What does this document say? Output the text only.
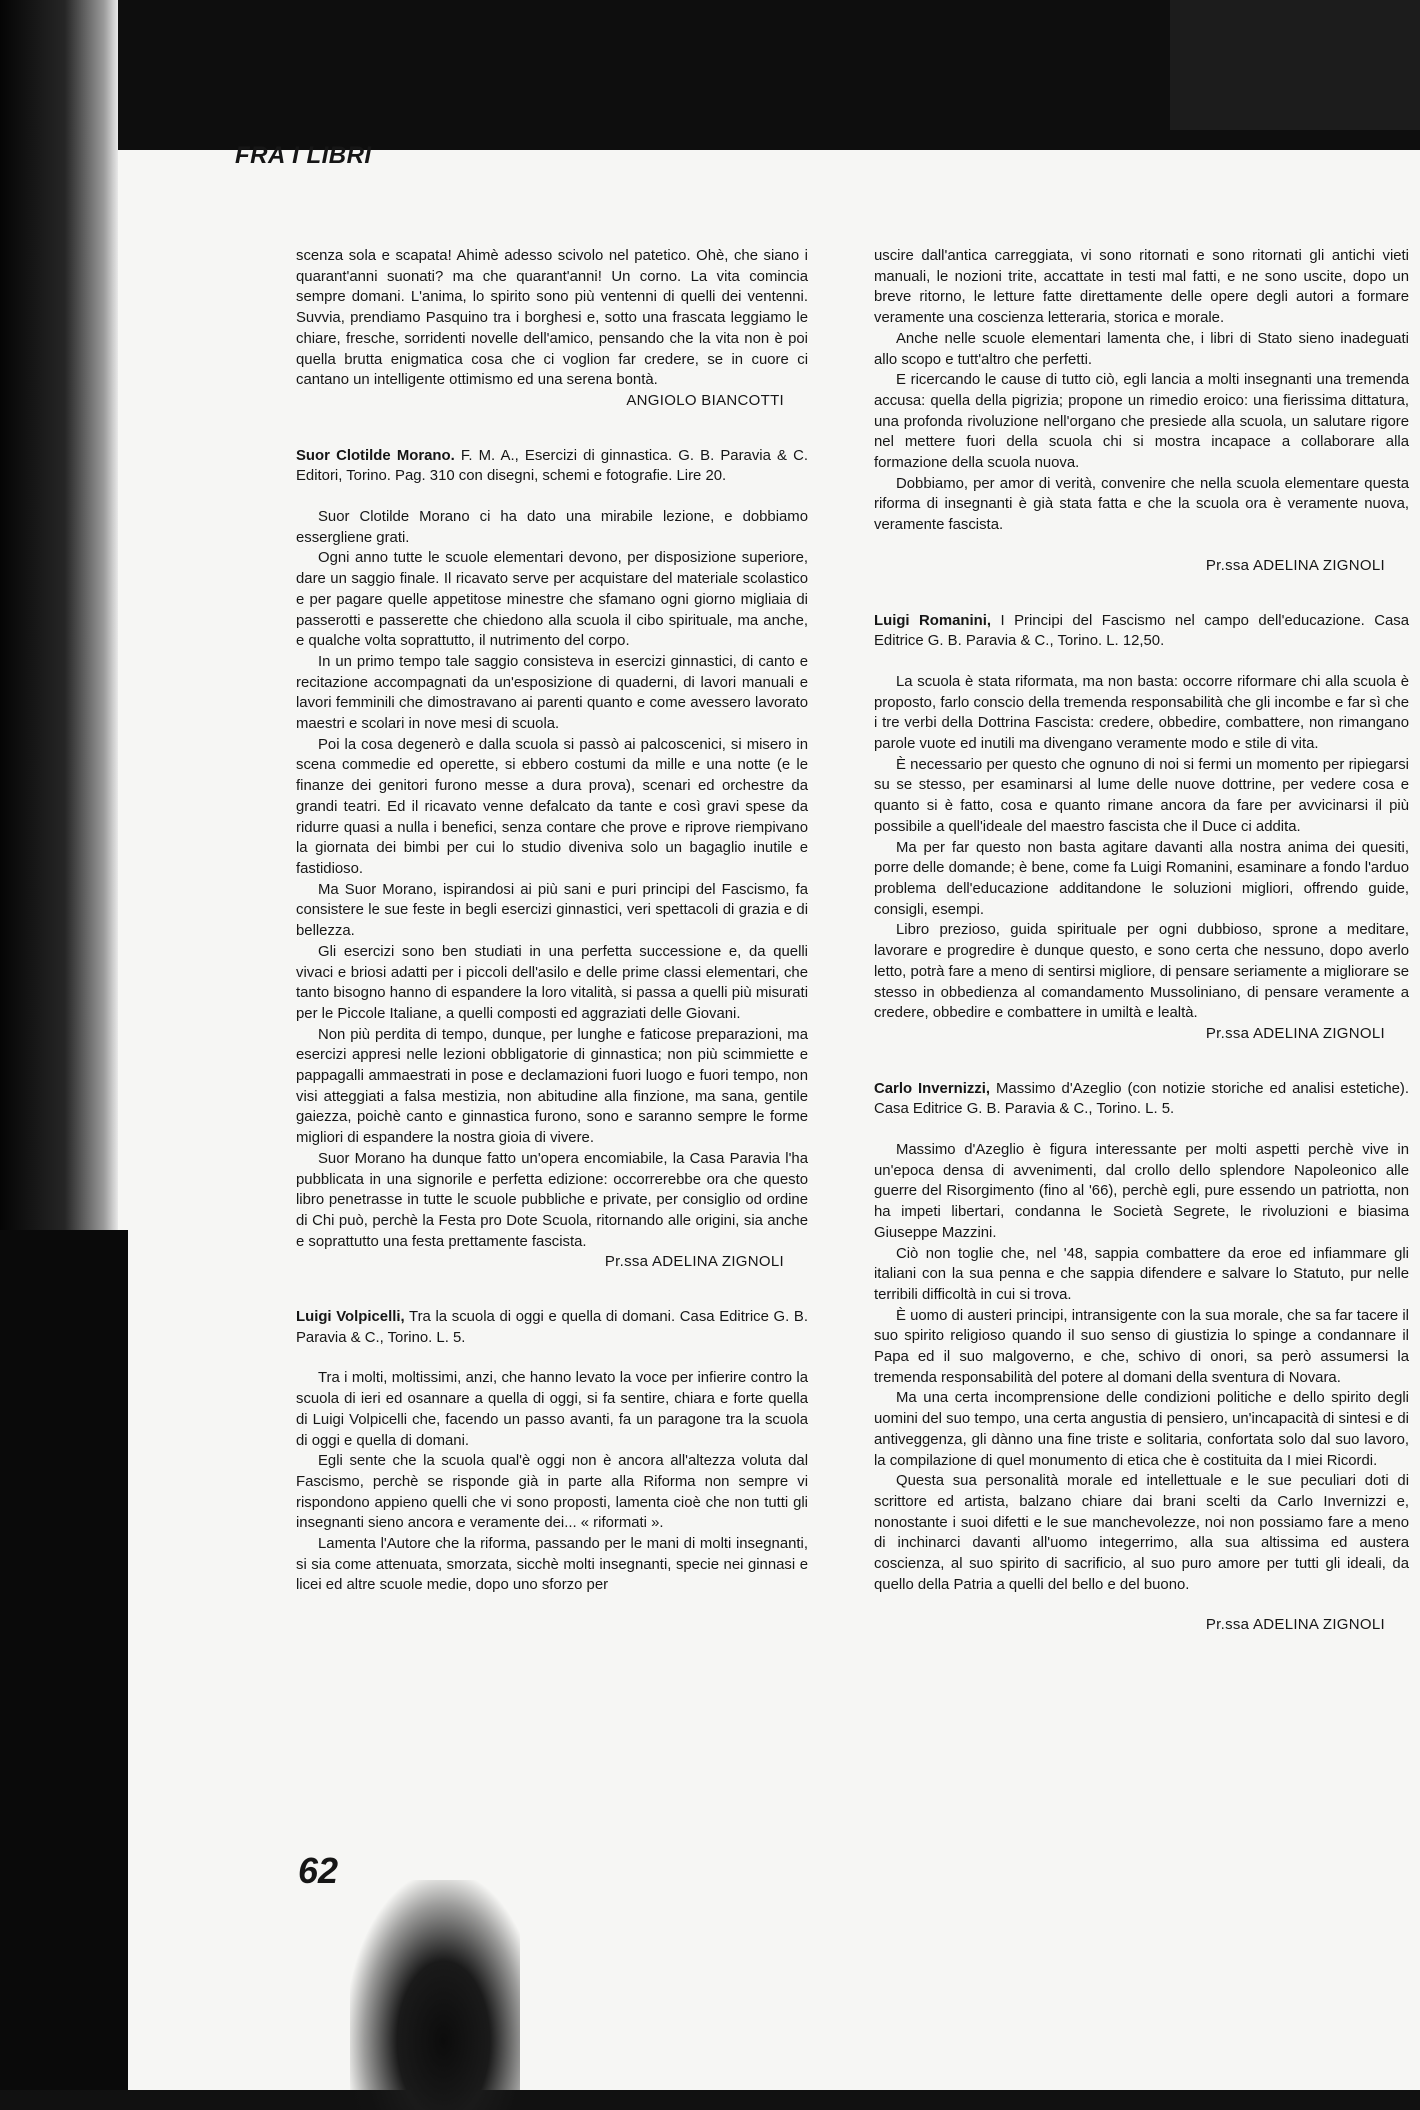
FRA I LIBRI

scenza sola e scapata! Ahimè adesso scivolo nel patetico. Ohè, che siano i quarant'anni suonati? ma che quarant'anni! Un corno. La vita comincia sempre domani. L'anima, lo spirito sono più ventenni di quelli dei ventenni. Suvvia, prendiamo Pasquino tra i borghesi e, sotto una frascata leggiamo le chiare, fresche, sorridenti novelle dell'amico, pensando che la vita non è poi quella brutta enigmatica cosa che ci voglion far credere, se in cuore ci cantano un intelligente ottimismo ed una serena bontà.

ANGIOLO BIANCOTTI

Suor Clotilde Morano. F. M. A., Esercizi di ginnastica. G. B. Paravia & C. Editori, Torino. Pag. 310 con disegni, schemi e fotografie. Lire 20.

Suor Clotilde Morano ci ha dato una mirabile lezione, e dobbiamo essergliene grati.

Ogni anno tutte le scuole elementari devono, per disposizione superiore, dare un saggio finale. Il ricavato serve per acquistare del materiale scolastico e per pagare quelle appetitose minestre che sfamano ogni giorno migliaia di passerotti e passerette che chiedono alla scuola il cibo spirituale, ma anche, e qualche volta soprattutto, il nutrimento del corpo.

In un primo tempo tale saggio consisteva in esercizi ginnastici, di canto e recitazione accompagnati da un'esposizione di quaderni, di lavori manuali e lavori femminili che dimostravano ai parenti quanto e come avessero lavorato maestri e scolari in nove mesi di scuola.

Poi la cosa degenerò e dalla scuola si passò ai palcoscenici, si misero in scena commedie ed operette, si ebbero costumi da mille e una notte (e le finanze dei genitori furono messe a dura prova), scenari ed orchestre da grandi teatri. Ed il ricavato venne defalcato da tante e così gravi spese da ridurre quasi a nulla i benefici, senza contare che prove e riprove riempivano la giornata dei bimbi per cui lo studio diveniva solo un bagaglio inutile e fastidioso.

Ma Suor Morano, ispirandosi ai più sani e puri principi del Fascismo, fa consistere le sue feste in begli esercizi ginnastici, veri spettacoli di grazia e di bellezza.

Gli esercizi sono ben studiati in una perfetta successione e, da quelli vivaci e briosi adatti per i piccoli dell'asilo e delle prime classi elementari, che tanto bisogno hanno di espandere la loro vitalità, si passa a quelli più misurati per le Piccole Italiane, a quelli composti ed aggraziati delle Giovani.

Non più perdita di tempo, dunque, per lunghe e faticose preparazioni, ma esercizi appresi nelle lezioni obbligatorie di ginnastica; non più scimmiette e pappagalli ammaestrati in pose e declamazioni fuori luogo e fuori tempo, non visi atteggiati a falsa mestizia, non abitudine alla finzione, ma sana, gentile gaiezza, poichè canto e ginnastica furono, sono e saranno sempre le forme migliori di espandere la nostra gioia di vivere.

Suor Morano ha dunque fatto un'opera encomiabile, la Casa Paravia l'ha pubblicata in una signorile e perfetta edizione: occorrerebbe ora che questo libro penetrasse in tutte le scuole pubbliche e private, per consiglio od ordine di Chi può, perchè la Festa pro Dote Scuola, ritornando alle origini, sia anche e soprattutto una festa prettamente fascista.

Pr.ssa ADELINA ZIGNOLI

Luigi Volpicelli, Tra la scuola di oggi e quella di domani. Casa Editrice G. B. Paravia & C., Torino. L. 5.

Tra i molti, moltissimi, anzi, che hanno levato la voce per infierire contro la scuola di ieri ed osannare a quella di oggi, si fa sentire, chiara e forte quella di Luigi Volpicelli che, facendo un passo avanti, fa un paragone tra la scuola di oggi e quella di domani.

Egli sente che la scuola qual'è oggi non è ancora all'altezza voluta dal Fascismo, perchè se risponde già in parte alla Riforma non sempre vi rispondono appieno quelli che vi sono proposti, lamenta cioè che non tutti gli insegnanti sieno ancora e veramente dei... « riformati ».

Lamenta l'Autore che la riforma, passando per le mani di molti insegnanti, si sia come attenuata, smorzata, sicchè molti insegnanti, specie nei ginnasi e licei ed altre scuole medie, dopo uno sforzo per

uscire dall'antica carreggiata, vi sono ritornati e sono ritornati gli antichi vieti manuali, le nozioni trite, accattate in testi mal fatti, e ne sono uscite, dopo un breve ritorno, le letture fatte direttamente delle opere degli autori a formare veramente una coscienza letteraria, storica e morale.

Anche nelle scuole elementari lamenta che, i libri di Stato sieno inadeguati allo scopo e tutt'altro che perfetti.

E ricercando le cause di tutto ciò, egli lancia a molti insegnanti una tremenda accusa: quella della pigrizia; propone un rimedio eroico: una fierissima dittatura, una profonda rivoluzione nell'organo che presiede alla scuola, un salutare rigore nel mettere fuori della scuola chi si mostra incapace a collaborare alla formazione della scuola nuova.

Dobbiamo, per amor di verità, convenire che nella scuola elementare questa riforma di insegnanti è già stata fatta e che la scuola ora è veramente nuova, veramente fascista.

Pr.ssa ADELINA ZIGNOLI

Luigi Romanini, I Principi del Fascismo nel campo dell'educazione. Casa Editrice G. B. Paravia & C., Torino. L. 12,50.

La scuola è stata riformata, ma non basta: occorre riformare chi alla scuola è proposto, farlo conscio della tremenda responsabilità che gli incombe e far sì che i tre verbi della Dottrina Fascista: credere, obbedire, combattere, non rimangano parole vuote ed inutili ma divengano veramente modo e stile di vita.

È necessario per questo che ognuno di noi si fermi un momento per ripiegarsi su se stesso, per esaminarsi al lume delle nuove dottrine, per vedere cosa e quanto si è fatto, cosa e quanto rimane ancora da fare per avvicinarsi il più possibile a quell'ideale del maestro fascista che il Duce ci addita.

Ma per far questo non basta agitare davanti alla nostra anima dei quesiti, porre delle domande; è bene, come fa Luigi Romanini, esaminare a fondo l'arduo problema dell'educazione additandone le soluzioni migliori, offrendo guide, consigli, esempi.

Libro prezioso, guida spirituale per ogni dubbioso, sprone a meditare, lavorare e progredire è dunque questo, e sono certa che nessuno, dopo averlo letto, potrà fare a meno di sentirsi migliore, di pensare seriamente a migliorare se stesso in obbedienza al comandamento Mussoliniano, di pensare veramente a credere, obbedire e combattere in umiltà e lealtà.

Pr.ssa ADELINA ZIGNOLI

Carlo Invernizzi, Massimo d'Azeglio (con notizie storiche ed analisi estetiche). Casa Editrice G. B. Paravia & C., Torino. L. 5.

Massimo d'Azeglio è figura interessante per molti aspetti perchè vive in un'epoca densa di avvenimenti, dal crollo dello splendore Napoleonico alle guerre del Risorgimento (fino al '66), perchè egli, pure essendo un patriotta, non ha impeti libertari, condanna le Società Segrete, le rivoluzioni e biasima Giuseppe Mazzini.

Ciò non toglie che, nel '48, sappia combattere da eroe ed infiammare gli italiani con la sua penna e che sappia difendere e salvare lo Statuto, pur nelle terribili difficoltà in cui si trova.

È uomo di austeri principi, intransigente con la sua morale, che sa far tacere il suo spirito religioso quando il suo senso di giustizia lo spinge a condannare il Papa ed il suo malgoverno, e che, schivo di onori, sa però assumersi la tremenda responsabilità del potere al domani della sventura di Novara.

Ma una certa incomprensione delle condizioni politiche e dello spirito degli uomini del suo tempo, una certa angustia di pensiero, un'incapacità di sintesi e di antiveggenza, gli dànno una fine triste e solitaria, confortata solo dal suo lavoro, la compilazione di quel monumento di etica che è costituita da I miei Ricordi.

Questa sua personalità morale ed intellettuale e le sue peculiari doti di scrittore ed artista, balzano chiare dai brani scelti da Carlo Invernizzi e, nonostante i suoi difetti e le sue manchevolezze, noi non possiamo fare a meno di inchinarci davanti all'uomo integerrimo, alla sua altissima ed austera coscienza, al suo spirito di sacrificio, al suo puro amore per tutti gli ideali, da quello della Patria a quelli del bello e del buono.

Pr.ssa ADELINA ZIGNOLI
62
